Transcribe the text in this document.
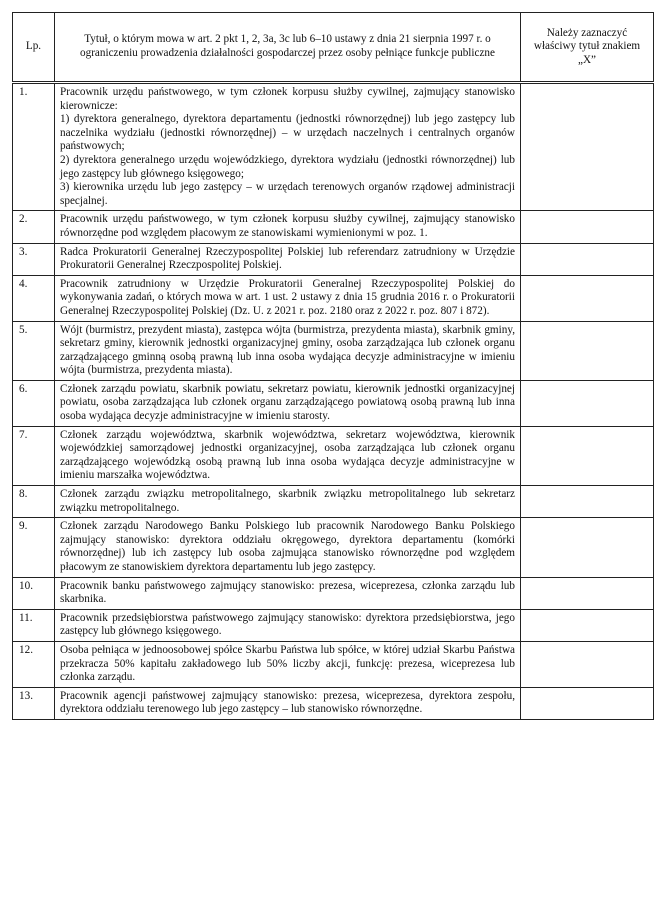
Lp.	Tytuł, o którym mowa w art. 2 pkt 1, 2, 3a, 3c lub 6–10 ustawy z dnia 21 sierpnia 1997 r. o ograniczeniu prowadzenia działalności gospodarczej przez osoby pełniące funkcje publiczne	Należy zaznaczyć właściwy tytuł znakiem „X”
1.	Pracownik urzędu państwowego, w tym członek korpusu służby cywilnej, zajmujący stanowisko kierownicze:
1) dyrektora generalnego, dyrektora departamentu (jednostki równorzędnej) lub jego zastępcy lub naczelnika wydziału (jednostki równorzędnej) – w urzędach naczelnych i centralnych organów państwowych;
2) dyrektora generalnego urzędu wojewódzkiego, dyrektora wydziału (jednostki równorzędnej) lub jego zastępcy lub głównego księgowego;
3) kierownika urzędu lub jego zastępcy – w urzędach terenowych organów rządowej administracji specjalnej.	

2.	Pracownik urzędu państwowego, w tym członek korpusu służby cywilnej, zajmujący stanowisko równorzędne pod względem płacowym ze stanowiskami wymienionymi w poz. 1.	

3.	Radca Prokuratorii Generalnej Rzeczypospolitej Polskiej lub referendarz zatrudniony w Urzędzie Prokuratorii Generalnej Rzeczpospolitej Polskiej.	

4.	Pracownik zatrudniony w Urzędzie Prokuratorii Generalnej Rzeczypospolitej Polskiej do wykonywania zadań, o których mowa w art. 1 ust. 2 ustawy z dnia 15 grudnia 2016 r. o Prokuratorii Generalnej Rzeczypospolitej Polskiej (Dz. U. z 2021 r. poz. 2180 oraz z 2022 r. poz. 807 i 872).	

5.	Wójt (burmistrz, prezydent miasta), zastępca wójta (burmistrza, prezydenta miasta), skarbnik gminy, sekretarz gminy, kierownik jednostki organizacyjnej gminy, osoba zarządzająca lub członek organu zarządzającego gminną osobą prawną lub inna osoba wydająca decyzje administracyjne w imieniu wójta (burmistrza, prezydenta miasta).	

6.	Członek zarządu powiatu, skarbnik powiatu, sekretarz powiatu, kierownik jednostki organizacyjnej powiatu, osoba zarządzająca lub członek organu zarządzającego powiatową osobą prawną lub inna osoba wydająca decyzje administracyjne w imieniu starosty.	

7.	Członek zarządu województwa, skarbnik województwa, sekretarz województwa, kierownik wojewódzkiej samorządowej jednostki organizacyjnej, osoba zarządzająca lub członek organu zarządzającego wojewódzką osobą prawną lub inna osoba wydająca decyzje administracyjne w imieniu marszałka województwa.	

8.	Członek zarządu związku metropolitalnego, skarbnik związku metropolitalnego lub sekretarz związku metropolitalnego.	

9.	Członek zarządu Narodowego Banku Polskiego lub pracownik Narodowego Banku Polskiego zajmujący stanowisko: dyrektora oddziału okręgowego, dyrektora departamentu (komórki równorzędnej) lub ich zastępcy lub osoba zajmująca stanowisko równorzędne pod względem płacowym ze stanowiskiem dyrektora departamentu lub jego zastępcy.	

10.	Pracownik banku państwowego zajmujący stanowisko: prezesa, wiceprezesa, członka zarządu lub skarbnika.	

11.	Pracownik przedsiębiorstwa państwowego zajmujący stanowisko: dyrektora przedsiębiorstwa, jego zastępcy lub głównego księgowego.	

12.	Osoba pełniąca w jednoosobowej spółce Skarbu Państwa lub spółce, w której udział Skarbu Państwa przekracza 50% kapitału zakładowego lub 50% liczby akcji, funkcję: prezesa, wiceprezesa lub członka zarządu.	

13.	Pracownik agencji państwowej zajmujący stanowisko: prezesa, wiceprezesa, dyrektora zespołu, dyrektora oddziału terenowego lub jego zastępcy – lub stanowisko równorzędne.	
